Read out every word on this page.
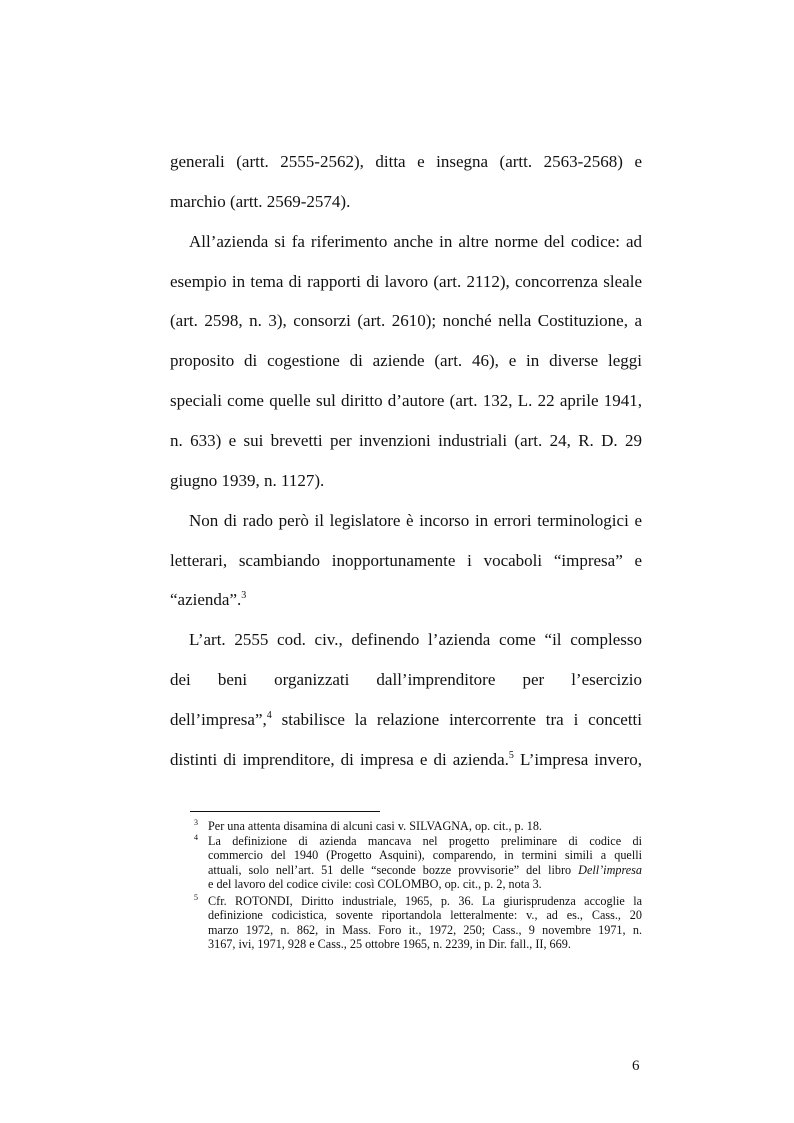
generali (artt. 2555-2562), ditta e insegna (artt. 2563-2568) e
marchio (artt. 2569-2574).
All’azienda si fa riferimento anche in altre norme del codice: ad
esempio in tema di rapporti di lavoro (art. 2112), concorrenza sleale
(art. 2598, n. 3), consorzi (art. 2610); nonché nella Costituzione, a
proposito di cogestione di aziende (art. 46), e in diverse leggi
speciali come quelle sul diritto d’autore (art. 132, L. 22 aprile 1941,
n. 633) e sui brevetti per invenzioni industriali (art. 24, R. D. 29
giugno 1939, n. 1127).
Non di rado però il legislatore è incorso in errori terminologici e
letterari, scambiando inopportunamente i vocaboli “impresa” e
“azienda”.$^3$
L’art. 2555 cod. civ., definendo l’azienda come “il complesso
dei beni organizzati dall’imprenditore per l’esercizio
dell’impresa”,$^4$ stabilisce la relazione intercorrente tra i concetti
distinti di imprenditore, di impresa e di azienda.$^5$ L’impresa invero,
3 Per una attenta disamina di alcuni casi v. SILVAGNA, op. cit., p. 18.
4 La definizione di azienda mancava nel progetto preliminare di codice di
commercio del 1940 (Progetto Asquini), comparendo, in termini simili a quelli
attuali, solo nell’art. 51 delle “seconde bozze provvisorie” del libro Dell’impresa
e del lavoro del codice civile: così COLOMBO, op. cit., p. 2, nota 3.
5 Cfr. ROTONDI, Diritto industriale, 1965, p. 36. La giurisprudenza accoglie la
definizione codicistica, sovente riportandola letteralmente: v., ad es., Cass., 20
marzo 1972, n. 862, in Mass. Foro it., 1972, 250; Cass., 9 novembre 1971, n.
3167, ivi, 1971, 928 e Cass., 25 ottobre 1965, n. 2239, in Dir. fall., II, 669.
6
